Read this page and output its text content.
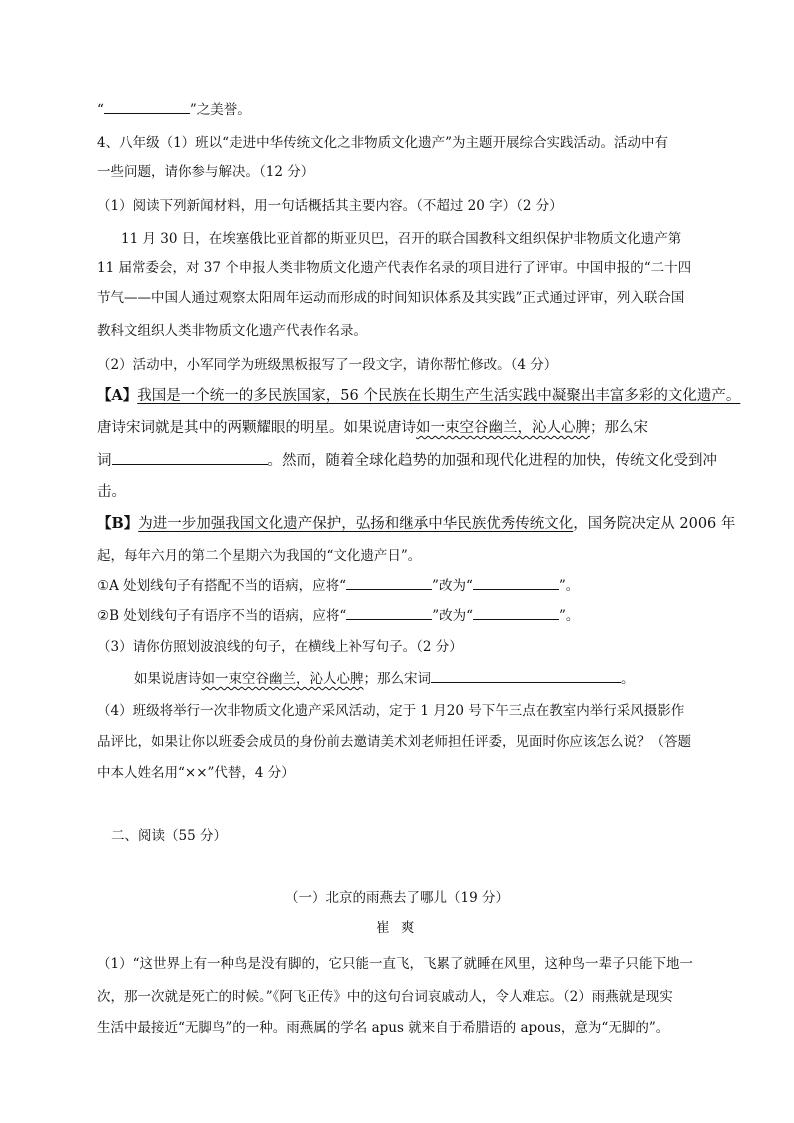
“	”之美誉。
4、八年级（1）班以“走进中华传统文化之非物质文化遗产”为主题开展综合实践活动。活动中有
一些问题，请你参与解决。（12 分）
（1）阅读下列新闻材料，用一句话概括其主要内容。（不超过 20 字）（2 分）
11 月 30 日，在埃塞俄比亚首都的斯亚贝巴，召开的联合国教科文组织保护非物质文化遗产第
11 届常委会，对 37 个申报人类非物质文化遗产代表作名录的项目进行了评审。中国申报的“二十四
节气——中国人通过观察太阳周年运动而形成的时间知识体系及其实践”正式通过评审，列入联合国
教科文组织人类非物质文化遗产代表作名录。
（2）活动中，小军同学为班级黑板报写了一段文字，请你帮忙修改。（4 分）
【A】我国是一个统一的多民族国家，56 个民族在长期生产生活实践中凝聚出丰富多彩的文化遗产。
唐诗宋词就是其中的两颗耀眼的明星。如果说唐诗如一束空谷幽兰，沁人心脾；那么宋
词	。然而，随着全球化趋势的加强和现代化进程的加快，传统文化受到冲
击。
【B】为进一步加强我国文化遗产保护，弘扬和继承中华民族优秀传统文化，国务院决定从 2006 年
起，每年六月的第二个星期六为我国的“文化遗产日”。
①A 处划线句子有搭配不当的语病，应将“	”改为“	”。
②B 处划线句子有语序不当的语病，应将“	”改为“	”。
（3）请你仿照划波浪线的句子，在横线上补写句子。（2 分）
如果说唐诗如一束空谷幽兰，沁人心脾；那么宋词	。
（4）班级将举行一次非物质文化遗产采风活动，定于 1 月20 号下午三点在教室内举行采风摄影作
品评比，如果让你以班委会成员的身份前去邀请美术刘老师担任评委，见面时你应该怎么说？（答题
中本人姓名用“××”代替，4 分）
二、阅读（55 分）
（一）北京的雨燕去了哪儿（19 分）
崔 爽
（1）“这世界上有一种鸟是没有脚的，它只能一直飞，飞累了就睡在风里，这种鸟一辈子只能下地一
次，那一次就是死亡的时候。”《阿飞正传》中的这句台词哀戚动人，令人难忘。（2）雨燕就是现实
生活中最接近“无脚鸟”的一种。雨燕属的学名 apus 就来自于希腊语的 apous，意为“无脚的”。
